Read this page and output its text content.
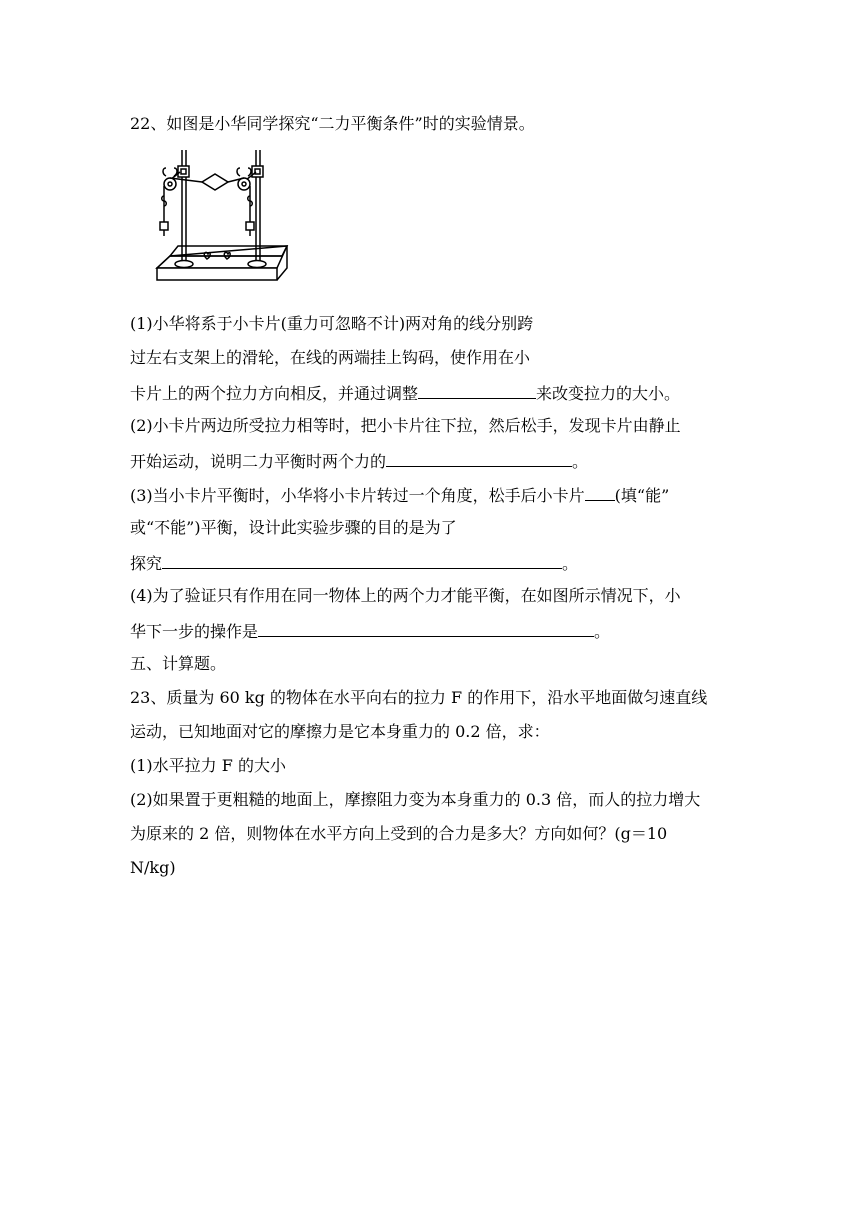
22、如图是小华同学探究“二力平衡条件”时的实验情景。
(1)小华将系于小卡片(重力可忽略不计)两对角的线分别跨
过左右支架上的滑轮，在线的两端挂上钩码，使作用在小
卡片上的两个拉力方向相反，并通过调整	来改变拉力的大小。
(2)小卡片两边所受拉力相等时，把小卡片往下拉，然后松手，发现卡片由静止
开始运动，说明二力平衡时两个力的	。
(3)当小卡片平衡时，小华将小卡片转过一个角度，松手后小卡片 (填“能”
或“不能”)平衡，设计此实验步骤的目的是为了
探究	。
(4)为了验证只有作用在同一物体上的两个力才能平衡，在如图所示情况下，小
华下一步的操作是	。
五、计算题。
23、质量为 60 kg 的物体在水平向右的拉力 F 的作用下，沿水平地面做匀速直线
运动，已知地面对它的摩擦力是它本身重力的 0.2 倍，求：
(1)水平拉力 F 的大小
(2)如果置于更粗糙的地面上，摩擦阻力变为本身重力的 0.3 倍，而人的拉力增大
为原来的 2 倍，则物体在水平方向上受到的合力是多大？方向如何？(g＝10
N/kg)
